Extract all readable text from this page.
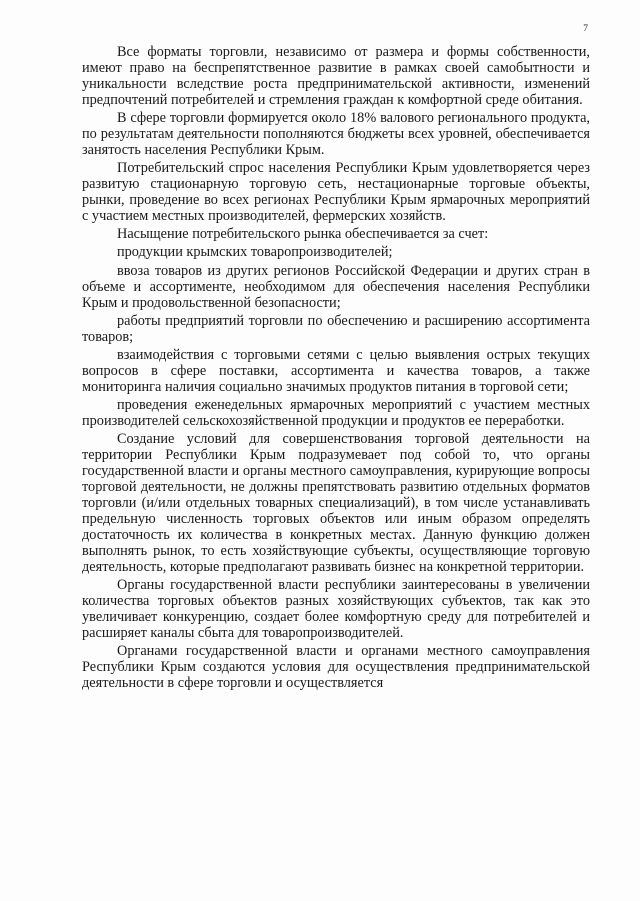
7

Все форматы торговли, независимо от размера и формы собственности, имеют право на беспрепятственное развитие в рамках своей самобытности и уникальности вследствие роста предпринимательской активности, изменений предпочтений потребителей и стремления граждан к комфортной среде обитания.

В сфере торговли формируется около 18% валового регионального продукта, по результатам деятельности пополняются бюджеты всех уровней, обеспечивается занятость населения Республики Крым.

Потребительский спрос населения Республики Крым удовлетворяется через развитую стационарную торговую сеть, нестационарные торговые объекты, рынки, проведение во всех регионах Республики Крым ярмарочных мероприятий с участием местных производителей, фермерских хозяйств.

Насыщение потребительского рынка обеспечивается за счет:

продукции крымских товаропроизводителей;

ввоза товаров из других регионов Российской Федерации и других стран в объеме и ассортименте, необходимом для обеспечения населения Республики Крым и продовольственной безопасности;

работы предприятий торговли по обеспечению и расширению ассортимента товаров;

взаимодействия с торговыми сетями с целью выявления острых текущих вопросов в сфере поставки, ассортимента и качества товаров, а также мониторинга наличия социально значимых продуктов питания в торговой сети;

проведения еженедельных ярмарочных мероприятий с участием местных производителей сельскохозяйственной продукции и продуктов ее переработки.

Создание условий для совершенствования торговой деятельности на территории Республики Крым подразумевает под собой то, что органы государственной власти и органы местного самоуправления, курирующие вопросы торговой деятельности, не должны препятствовать развитию отдельных форматов торговли (и/или отдельных товарных специализаций), в том числе устанавливать предельную численность торговых объектов или иным образом определять достаточность их количества в конкретных местах. Данную функцию должен выполнять рынок, то есть хозяйствующие субъекты, осуществляющие торговую деятельность, которые предполагают развивать бизнес на конкретной территории.

Органы государственной власти республики заинтересованы в увеличении количества торговых объектов разных хозяйствующих субъектов, так как это увеличивает конкуренцию, создает более комфортную среду для потребителей и расширяет каналы сбыта для товаропроизводителей.

Органами государственной власти и органами местного самоуправления Республики Крым создаются условия для осуществления предпринимательской деятельности в сфере торговли и осуществляется
